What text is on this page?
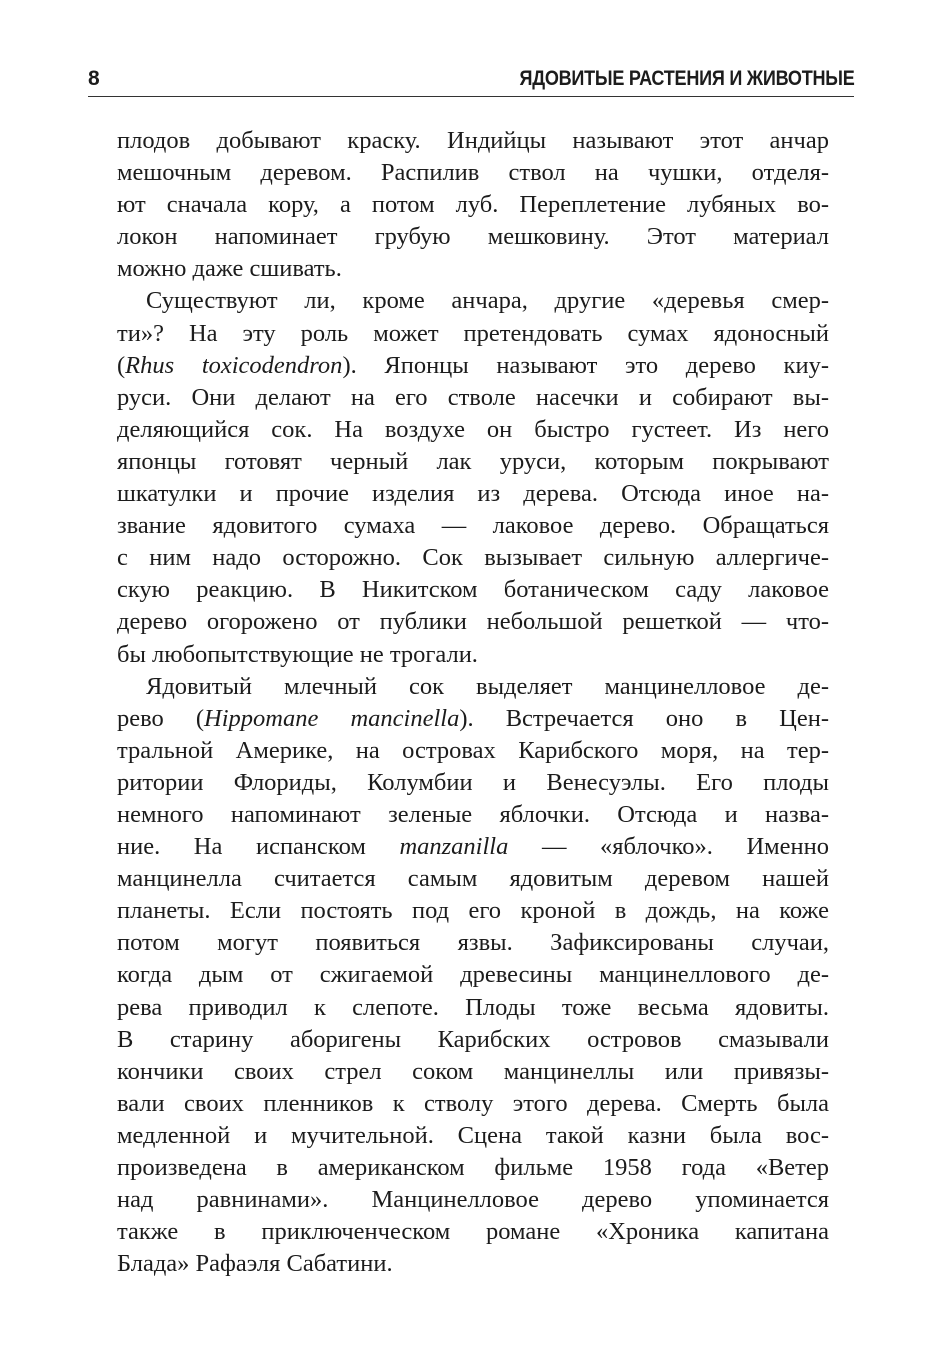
8	ЯДОВИТЫЕ РАСТЕНИЯ И ЖИВОТНЫЕ
плодов добывают краску. Индийцы называют этот анчар
мешочным деревом. Распилив ствол на чушки, отделя-
ют сначала кору, а потом луб. Переплетение лубяных во-
локон напоминает грубую мешковину. Этот материал
можно даже сшивать.
Существуют ли, кроме анчара, другие «деревья смер-
ти»? На эту роль может претендовать сумах ядоносный
(Rhus toxicodendron). Японцы называют это дерево киу-
руси. Они делают на его стволе насечки и собирают вы-
деляющийся сок. На воздухе он быстро густеет. Из него
японцы готовят черный лак уруси, которым покрывают
шкатулки и прочие изделия из дерева. Отсюда иное на-
звание ядовитого сумаха — лаковое дерево. Обращаться
с ним надо осторожно. Сок вызывает сильную аллергиче-
скую реакцию. В Никитском ботаническом саду лаковое
дерево огорожено от публики небольшой решеткой — что-
бы любопытствующие не трогали.
Ядовитый млечный сок выделяет манцинелловое де-
рево (Hippomane mancinella). Встречается оно в Цен-
тральной Америке, на островах Карибского моря, на тер-
ритории Флориды, Колумбии и Венесуэлы. Его плоды
немного напоминают зеленые яблочки. Отсюда и назва-
ние. На испанском manzanilla — «яблочко». Именно
манцинелла считается самым ядовитым деревом нашей
планеты. Если постоять под его кроной в дождь, на коже
потом могут появиться язвы. Зафиксированы случаи,
когда дым от сжигаемой древесины манцинеллового де-
рева приводил к слепоте. Плоды тоже весьма ядовиты.
В старину аборигены Карибских островов смазывали
кончики своих стрел соком манцинеллы или привязы-
вали своих пленников к стволу этого дерева. Смерть была
медленной и мучительной. Сцена такой казни была вос-
произведена в американском фильме 1958 года «Ветер
над равнинами». Манцинелловое дерево упоминается
также в приключенческом романе «Хроника капитана
Блада» Рафаэля Сабатини.
